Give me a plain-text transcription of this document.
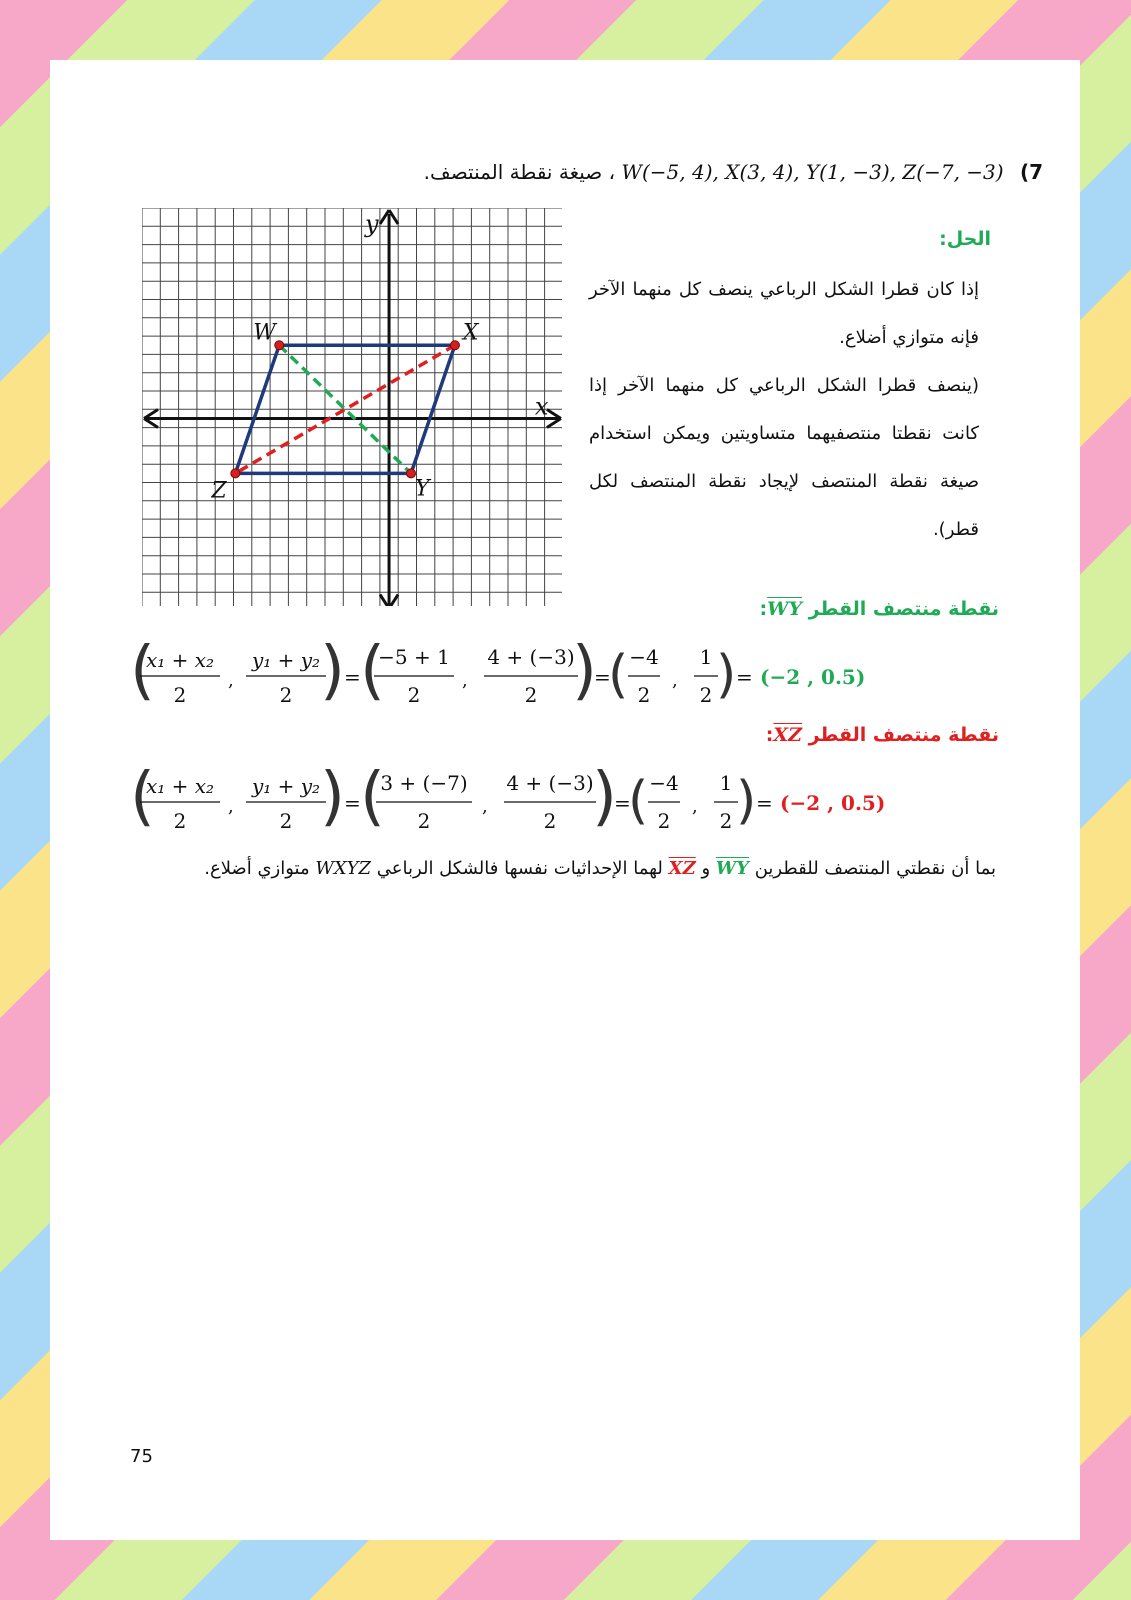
7) W(−5, 4), X(3, 4), Y(1, −3), Z(−7, −3) ، صيغة نقطة المنتصف.
x
y
W	X
Y
Z
الحل:
إذا كان قطرا الشكل الرباعي ينصف كل منهما الآخر فإنه متوازي أضلاع.
(ينصف قطرا الشكل الرباعي كل منهما الآخر إذا كانت نقطتا منتصفيهما متساويتين ويمكن استخدام صيغة نقطة المنتصف لإيجاد نقطة المنتصف لكل قطر).
نقطة منتصف القطر $\overline{WY}$:
(
x₁ + x₂
2
,
y₁ + y₂
2 ) = (
−5 + 1
2
,
4 + (−3)
2 )
=
( −4
2
,
1
2 ) = (−2 , 0.5)
نقطة منتصف القطر $\overline{XZ}$:
(
x₁ + x₂
2
,
y₁ + y₂
2 ) = (
3 + (−7)
2
,
4 + (−3)
2 )
=
( −4
2
,
1
2 ) = (−2 , 0.5)
بما أن نقطتي المنتصف للقطرين $\overline{WY}$ و $\overline{XZ}$ لهما الإحداثيات نفسها فالشكل الرباعي WXYZ متوازي أضلاع.
75
